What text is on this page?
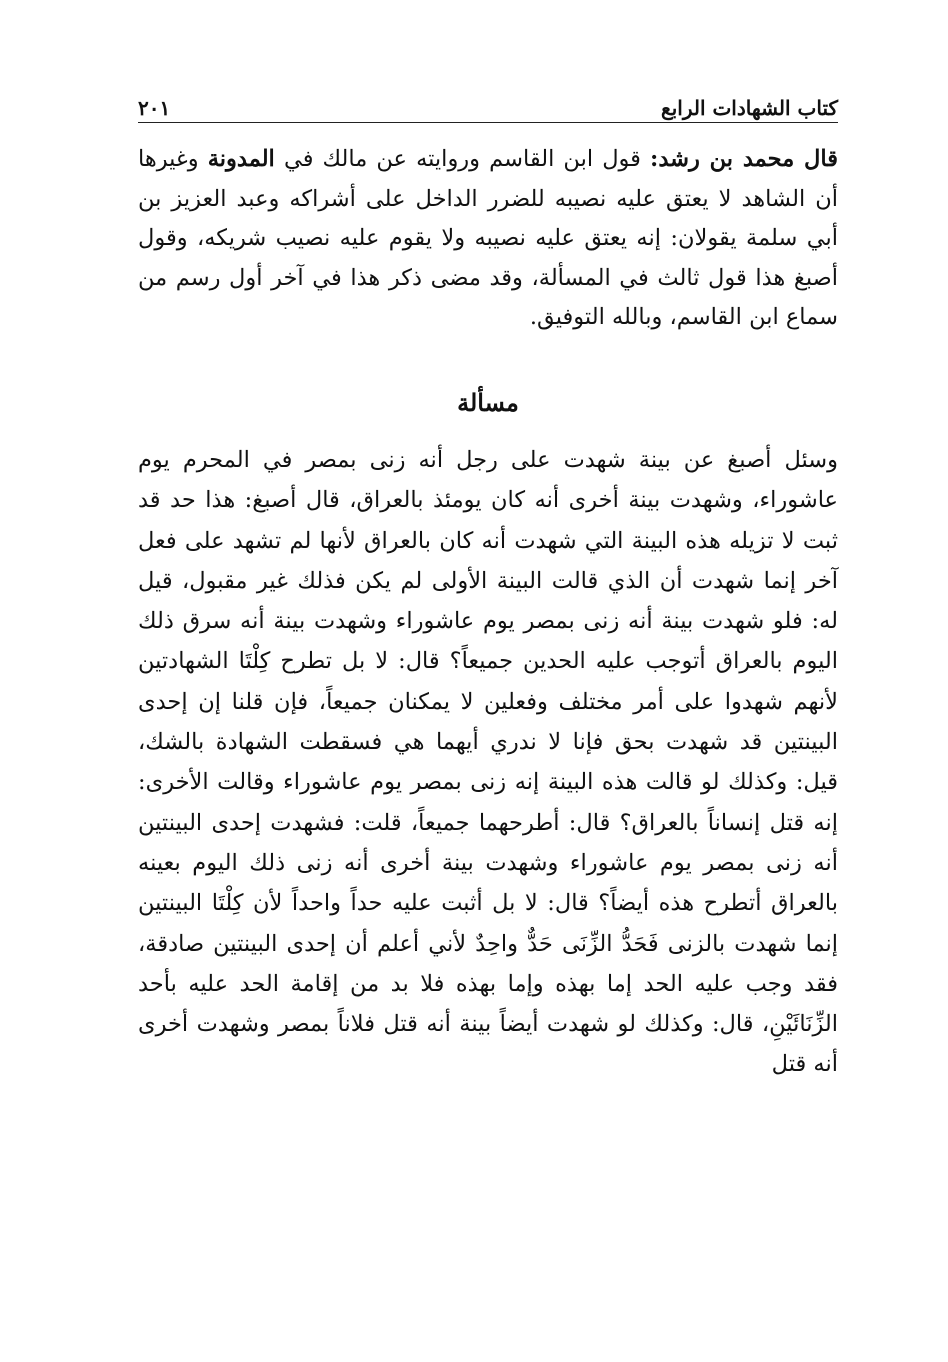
كتاب الشهادات الرابع
٢٠١

قال محمد بن رشد: قول ابن القاسم وروايته عن مالك في المدونة وغيرها أن الشاهد لا يعتق عليه نصيبه للضرر الداخل على أشراكه وعبد العزيز بن أبي سلمة يقولان: إنه يعتق عليه نصيبه ولا يقوم عليه نصيب شريكه، وقول أصبغ هذا قول ثالث في المسألة، وقد مضى ذكر هذا في آخر أول رسم من سماع ابن القاسم، وبالله التوفيق.

مسألة

وسئل أصبغ عن بينة شهدت على رجل أنه زنى بمصر في المحرم يوم عاشوراء، وشهدت بينة أخرى أنه كان يومئذ بالعراق، قال أصبغ: هذا حد قد ثبت لا تزيله هذه البينة التي شهدت أنه كان بالعراق لأنها لم تشهد على فعل آخر إنما شهدت أن الذي قالت البينة الأولى لم يكن فذلك غير مقبول، قيل له: فلو شهدت بينة أنه زنى بمصر يوم عاشوراء وشهدت بينة أنه سرق ذلك اليوم بالعراق أتوجب عليه الحدين جميعاً؟ قال: لا بل تطرح كِلْتَا الشهادتين لأنهم شهدوا على أمر مختلف وفعلين لا يمكنان جميعاً، فإن قلنا إن إحدى البينتين قد شهدت بحق فإنا لا ندري أيهما هي فسقطت الشهادة بالشك، قيل: وكذلك لو قالت هذه البينة إنه زنى بمصر يوم عاشوراء وقالت الأخرى: إنه قتل إنساناً بالعراق؟ قال: أطرحهما جميعاً، قلت: فشهدت إحدى البينتين أنه زنى بمصر يوم عاشوراء وشهدت بينة أخرى أنه زنى ذلك اليوم بعينه بالعراق أتطرح هذه أيضاً؟ قال: لا بل أثبت عليه حداً واحداً لأن كِلْتَا البينتين إنما شهدت بالزنى فَحَدُّ الزِّنَى حَدٌّ واحِدٌ لأني أعلم أن إحدى البينتين صادقة، فقد وجب عليه الحد إما بهذه وإما بهذه فلا بد من إقامة الحد عليه بأحد الزِّنَائَيْنِ، قال: وكذلك لو شهدت أيضاً بينة أنه قتل فلاناً بمصر وشهدت أخرى أنه قتل
